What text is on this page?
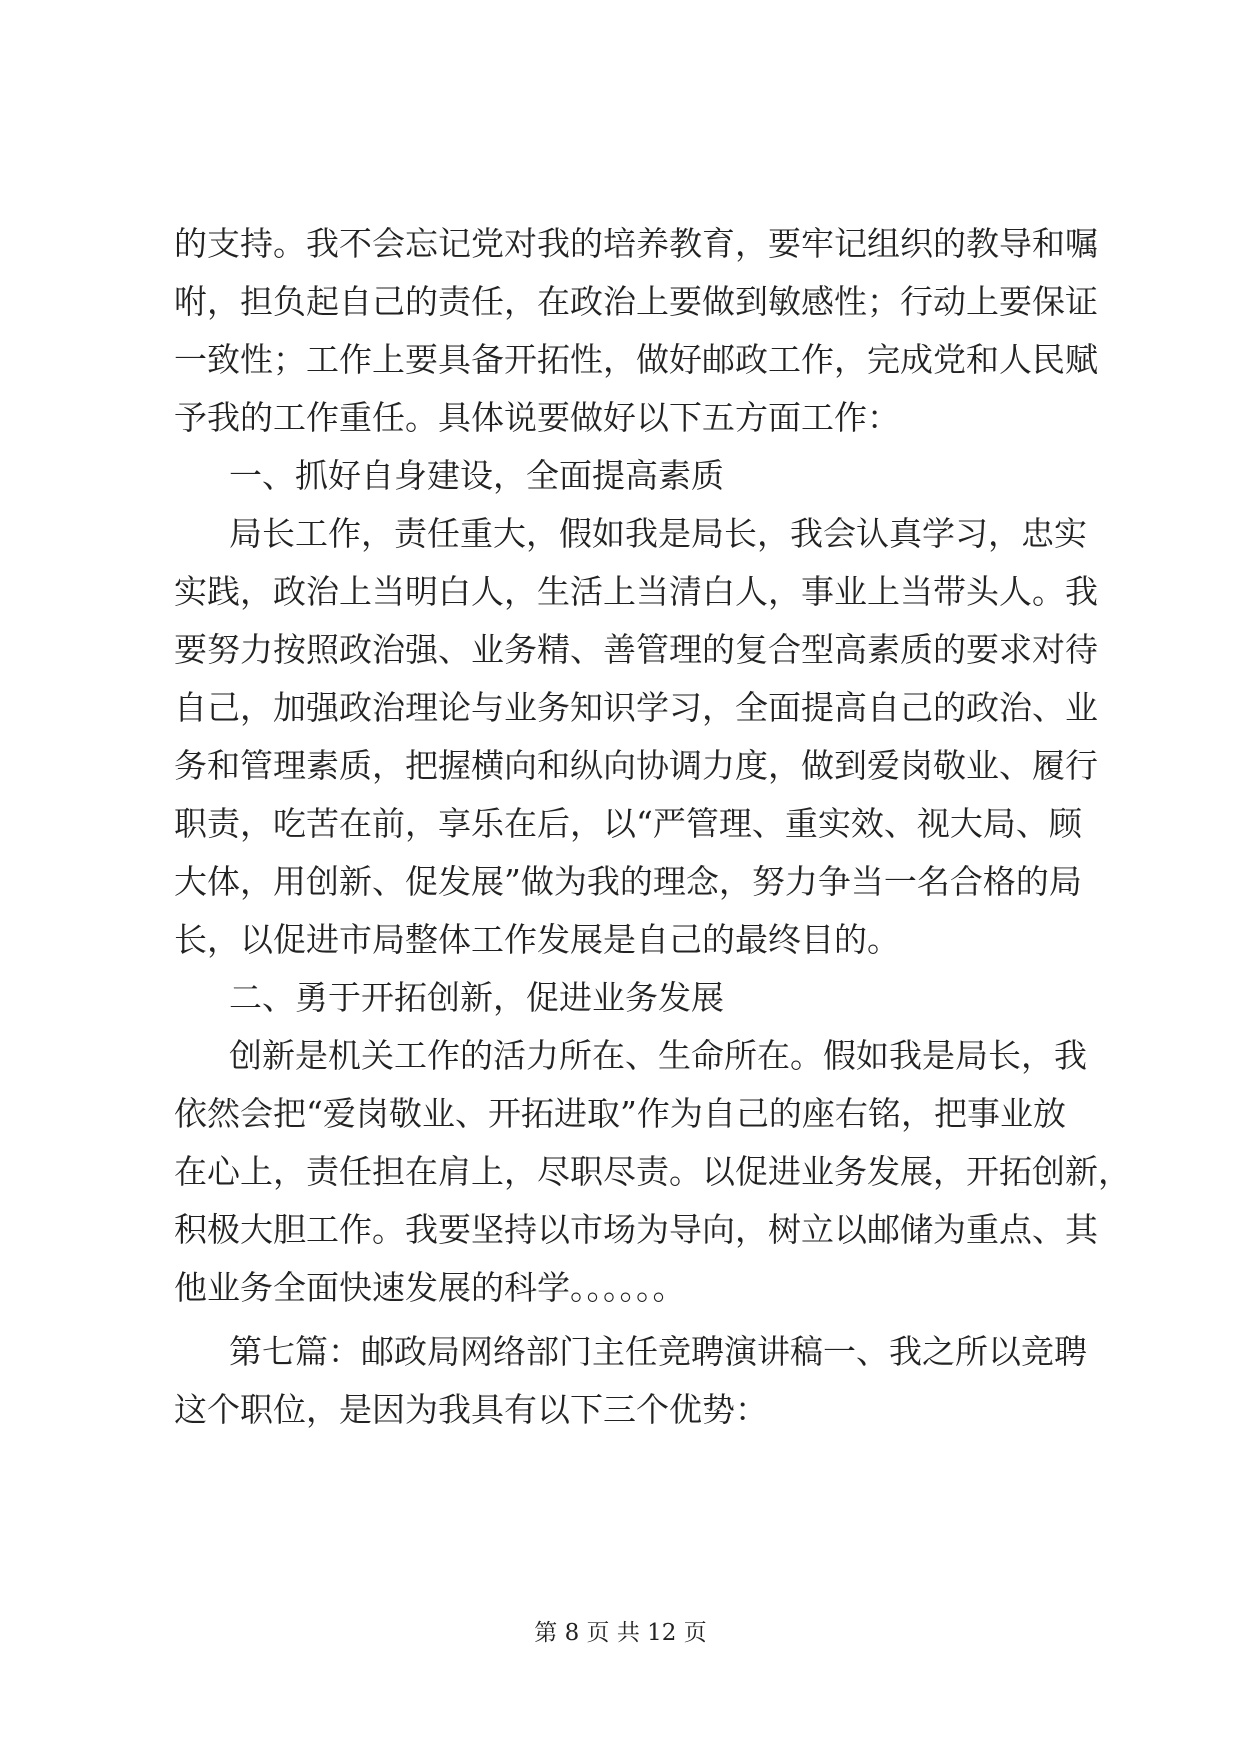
的支持。我不会忘记党对我的培养教育，要牢记组织的教导和嘱
咐，担负起自己的责任，在政治上要做到敏感性；行动上要保证
一致性；工作上要具备开拓性，做好邮政工作，完成党和人民赋
予我的工作重任。具体说要做好以下五方面工作：
一、抓好自身建设，全面提高素质
局长工作，责任重大，假如我是局长，我会认真学习，忠实
实践，政治上当明白人，生活上当清白人，事业上当带头人。我
要努力按照政治强、业务精、善管理的复合型高素质的要求对待
自己，加强政治理论与业务知识学习，全面提高自己的政治、业
务和管理素质，把握横向和纵向协调力度，做到爱岗敬业、履行
职责，吃苦在前，享乐在后，以“严管理、重实效、视大局、顾
大体，用创新、促发展”做为我的理念，努力争当一名合格的局
长，以促进市局整体工作发展是自己的最终目的。
二、勇于开拓创新，促进业务发展
创新是机关工作的活力所在、生命所在。假如我是局长，我
依然会把“爱岗敬业、开拓进取”作为自己的座右铭，把事业放
在心上，责任担在肩上，尽职尽责。以促进业务发展，开拓创新，
积极大胆工作。我要坚持以市场为导向，树立以邮储为重点、其
他业务全面快速发展的科学。。。。。。
第七篇：邮政局网络部门主任竞聘演讲稿一、我之所以竞聘
这个职位，是因为我具有以下三个优势：
第 8 页 共 12 页
